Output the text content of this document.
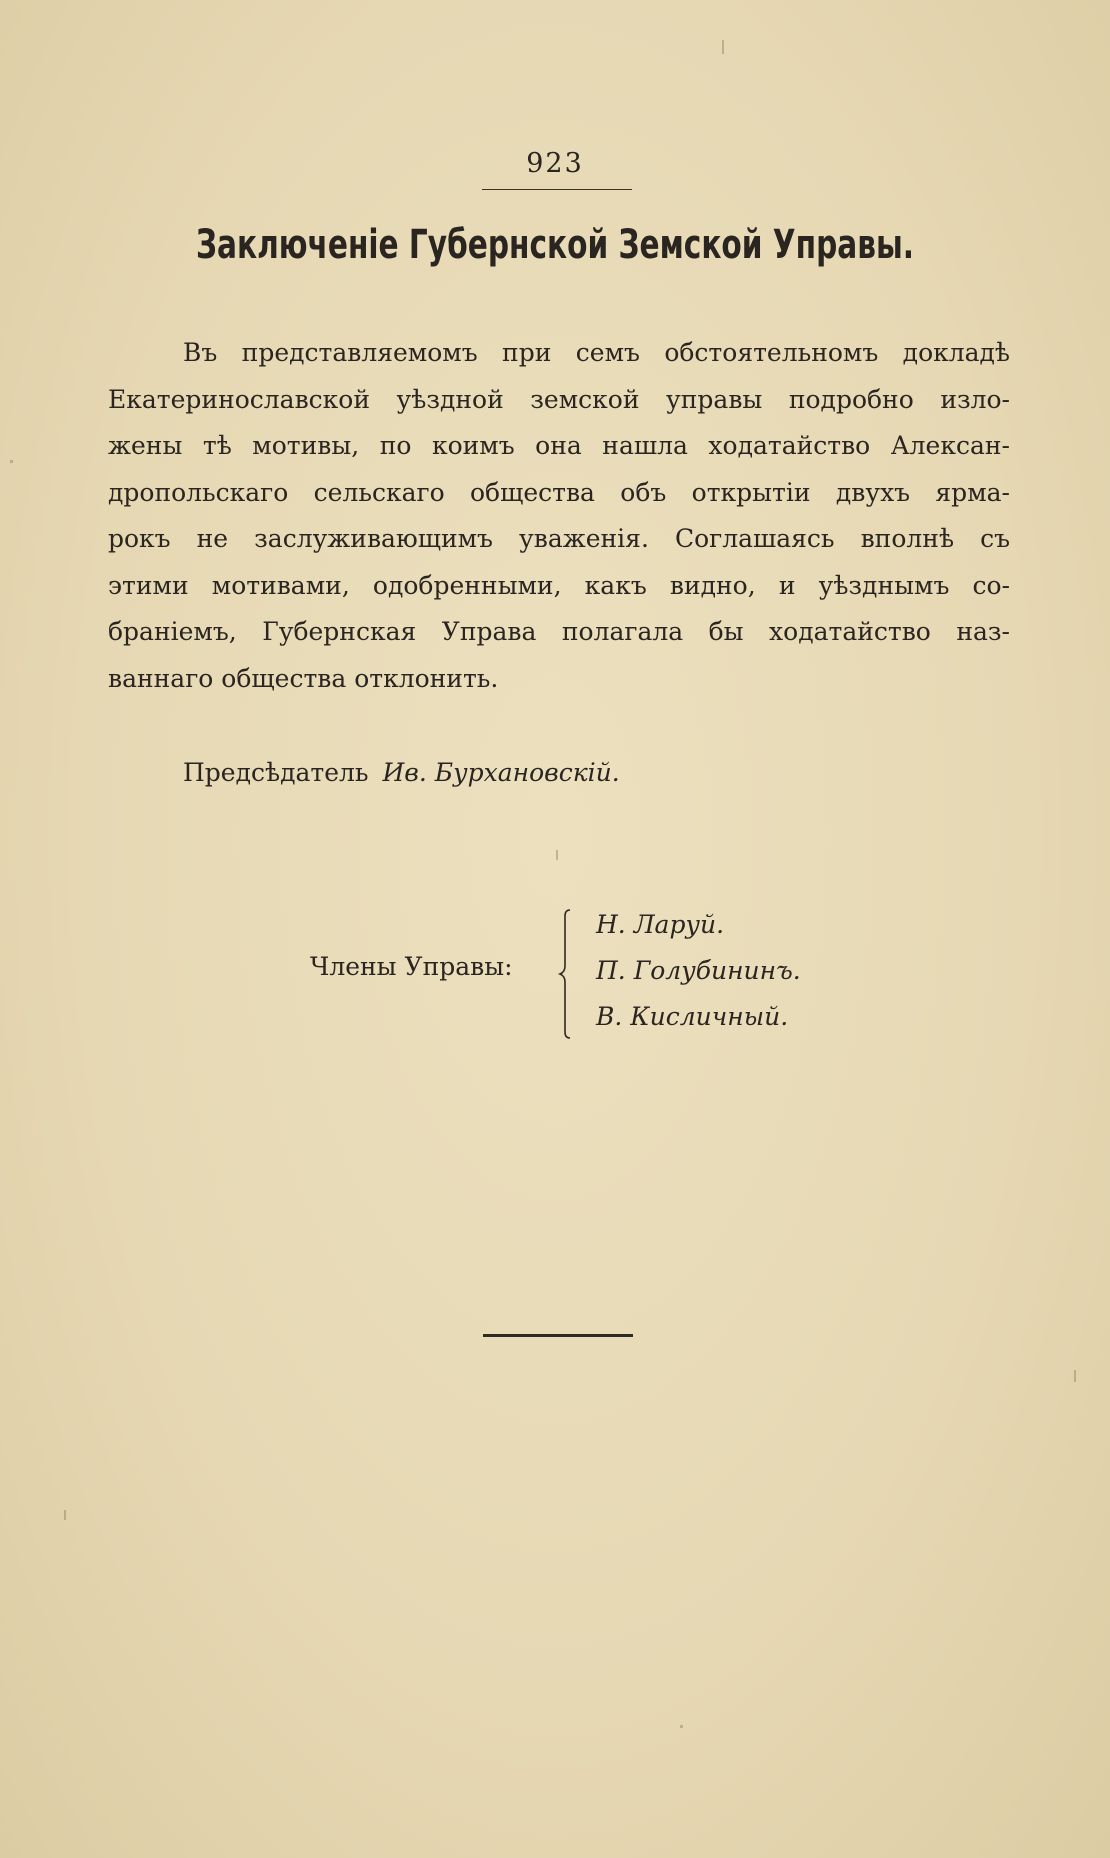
923
Заключенiе Губернской Земской Управы.
Въ представляемомъ при семъ обстоятельномъ докладѣ
Екатеринославской уѣздной земской управы подробно изло-
жены тѣ мотивы, по коимъ она нашла ходатайство Алексан-
дропольскаго сельскаго общества объ открытiи двухъ ярма-
рокъ не заслуживающимъ уваженiя. Соглашаясь вполнѣ съ
этими мотивами, одобренными, какъ видно, и уѣзднымъ со-
бранiемъ, Губернская Управа полагала бы ходатайство наз-
ваннаго общества отклонить.
Предсѣдатель Ив. Бурхановскiй.
Члены Управы:
Н. Ларуй.
П. Голубининъ.
В. Кисличный.
